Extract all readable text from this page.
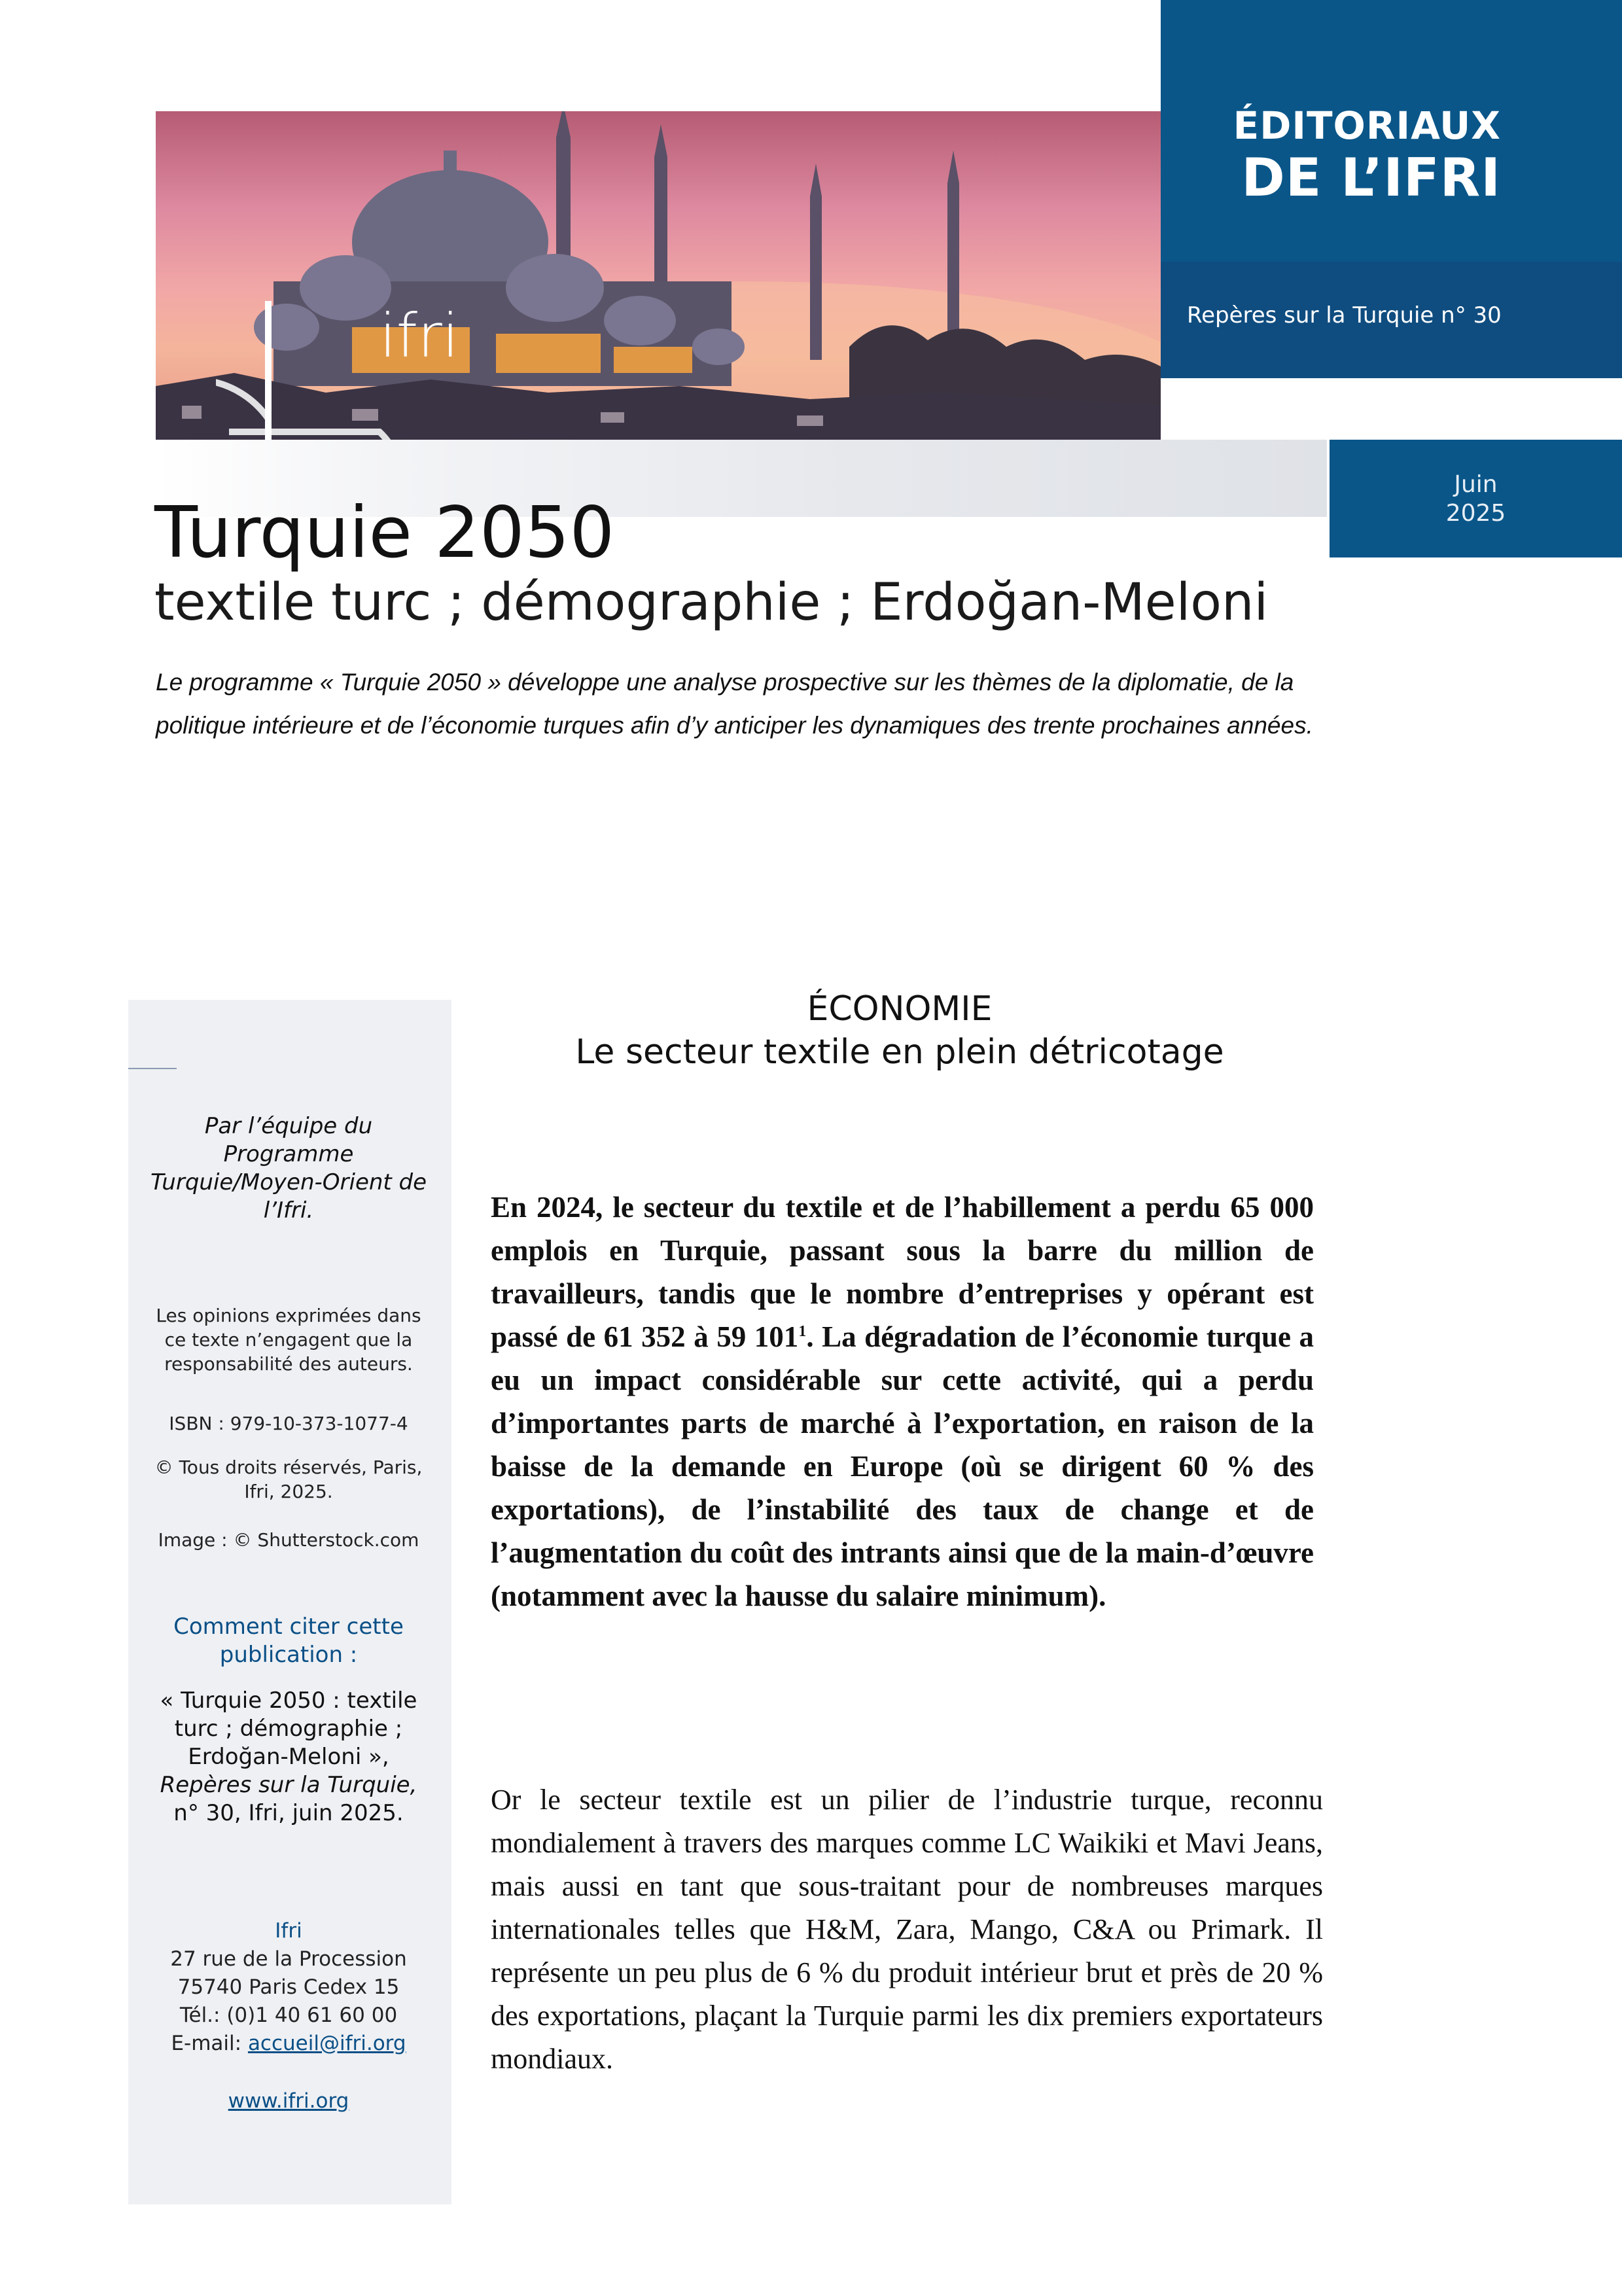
ifri
ÉDITORIAUX
DE L’IFRI
Repères sur la Turquie n° 30
Juin
2025
Turquie 2050
textile turc ; démographie ; Erdoğan-Meloni
Le programme « Turquie 2050 » développe une analyse prospective sur les thèmes de la diplomatie, de la politique intérieure et de l’économie turques afin d’y anticiper les dynamiques des trente prochaines années.
Par l’équipe du Programme Turquie/Moyen-Orient de l’Ifri.
Les opinions exprimées dans ce texte n’engagent que la responsabilité des auteurs.
ISBN : 979-10-373-1077-4
© Tous droits réservés, Paris, Ifri, 2025.
Image : © Shutterstock.com
Comment citer cette publication :
« Turquie 2050 : textile turc ; démographie ; Erdoğan-Meloni », Repères sur la Turquie, n° 30, Ifri, juin 2025.
Ifri
27 rue de la Procession
75740 Paris Cedex 15
Tél.: (0)1 40 61 60 00
E-mail: accueil@ifri.org
www.ifri.org
ÉCONOMIE
Le secteur textile en plein détricotage
En 2024, le secteur du textile et de l’habillement a perdu 65 000 emplois en Turquie, passant sous la barre du million de travailleurs, tandis que le nombre d’entreprises y opérant est passé de 61 352 à 59 $101^1$. La dégradation de l’économie turque a eu un impact considérable sur cette activité, qui a perdu d’importantes parts de marché à l’exportation, en raison de la baisse de la demande en Europe (où se dirigent 60 % des exportations), de l’instabilité des taux de change et de l’augmentation du coût des intrants ainsi que de la main-d’œuvre (notamment avec la hausse du salaire minimum).
Or le secteur textile est un pilier de l’industrie turque, reconnu mondialement à travers des marques comme LC Waikiki et Mavi Jeans, mais aussi en tant que sous-traitant pour de nombreuses marques internationales telles que H&M, Zara, Mango, C&A ou Primark. Il représente un peu plus de 6 % du produit intérieur brut et près de 20 % des exportations, plaçant la Turquie parmi les dix premiers exportateurs mondiaux.
